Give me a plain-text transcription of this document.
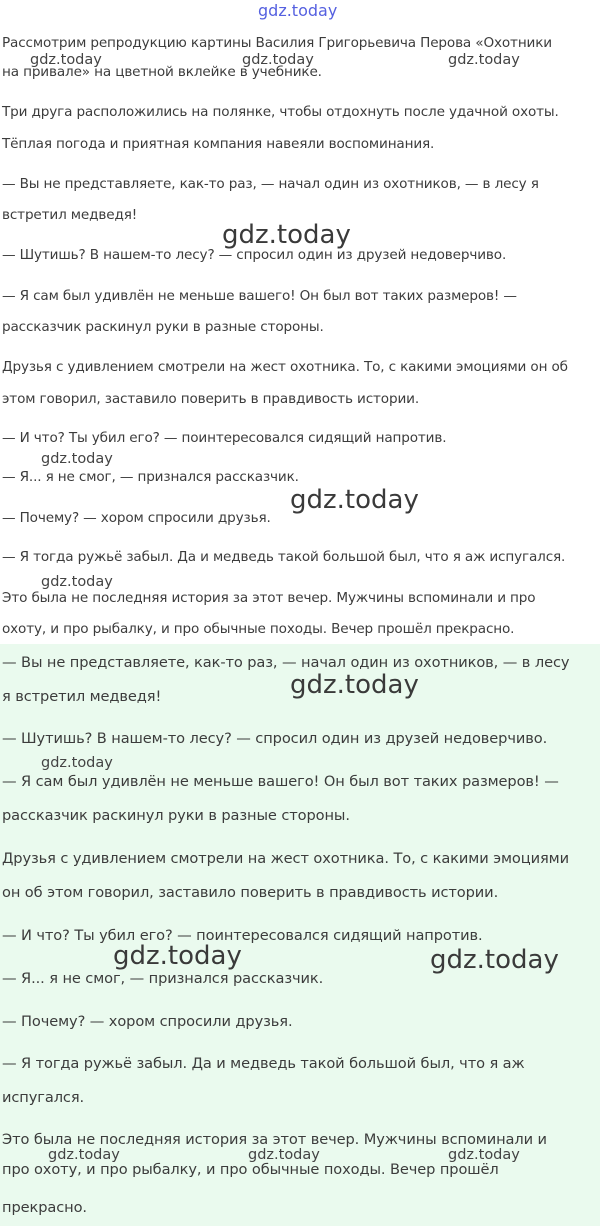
Рассмотрим репродукцию картины Василия Григорьевича Перова «Охотники
на привале» на цветной вклейке в учебнике.
Три друга расположились на полянке, чтобы отдохнуть после удачной охоты.
Тёплая погода и приятная компания навеяли воспоминания.
— Вы не представляете, как-то раз, — начал один из охотников, — в лесу я
встретил медведя!
— Шутишь? В нашем-то лесу? — спросил один из друзей недоверчиво.
— Я сам был удивлён не меньше вашего! Он был вот таких размеров! —
рассказчик раскинул руки в разные стороны.
Друзья с удивлением смотрели на жест охотника. То, с какими эмоциями он об
этом говорил, заставило поверить в правдивость истории.
— И что? Ты убил его? — поинтересовался сидящий напротив.
— Я... я не смог, — признался рассказчик.
— Почему? — хором спросили друзья.
— Я тогда ружьё забыл. Да и медведь такой большой был, что я аж испугался.
Это была не последняя история за этот вечер. Мужчины вспоминали и про
охоту, и про рыбалку, и про обычные походы. Вечер прошёл прекрасно.
— Вы не представляете, как-то раз, — начал один из охотников, — в лесу
я встретил медведя!
— Шутишь? В нашем-то лесу? — спросил один из друзей недоверчиво.
— Я сам был удивлён не меньше вашего! Он был вот таких размеров! —
рассказчик раскинул руки в разные стороны.
Друзья с удивлением смотрели на жест охотника. То, с какими эмоциями
он об этом говорил, заставило поверить в правдивость истории.
— И что? Ты убил его? — поинтересовался сидящий напротив.
— Я... я не смог, — признался рассказчик.
— Почему? — хором спросили друзья.
— Я тогда ружьё забыл. Да и медведь такой большой был, что я аж
испугался.
Это была не последняя история за этот вечер. Мужчины вспоминали и
про охоту, и про рыбалку, и про обычные походы. Вечер прошёл
прекрасно.
gdz.today
gdz.today	gdz.today	gdz.today
gdz.today
gdz.today
gdz.today
gdz.today
gdz.today
gdz.today
gdz.today	gdz.today
gdz.today	gdz.today	gdz.today
